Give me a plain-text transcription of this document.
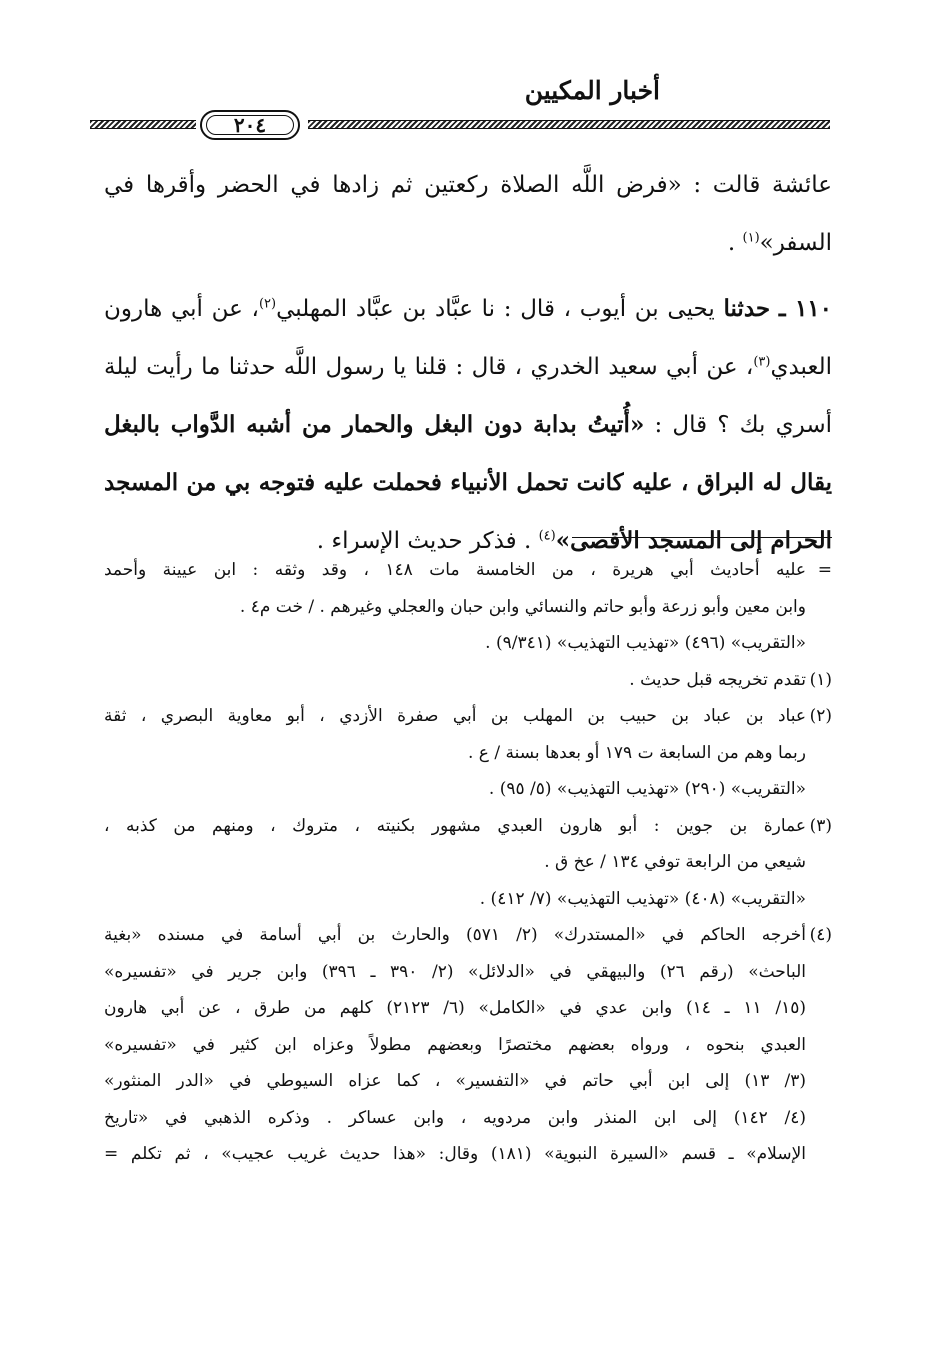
أخبار المكيين
٢٠٤

عائشة قالت : «فرض اللَّه الصلاة ركعتين ثم زادها في الحضر وأقرها في السفر»$^{(١)}$ .

١١٠ ـ حدثنا يحيى بن أيوب ، قال : نا عبَّاد بن عبَّاد المهلبي$^{(٢)}$، عن أبي هارون العبدي$^{(٣)}$، عن أبي سعيد الخدري ، قال : قلنا يا رسول اللَّه حدثنا ما رأيت ليلة أسري بك ؟ قال : «أُتيتُ بدابة دون البغل والحمار من أشبه الدَّواب بالبغل يقال له البراق ، عليه كانت تحمل الأنبياء فحملت عليه فتوجه بي من المسجد الحرام إلى المسجد الأقصى»$^{(٤)}$ . فذكر حديث الإسراء .

=
عليه أحاديث أبي هريرة ، من الخامسة مات ١٤٨ ، وقد وثقه : ابن عيينة وأحمد
وابن معين وأبو زرعة وأبو حاتم والنسائي وابن حبان والعجلي وغيرهم . / خت م٤ .
«التقريب» (٤٩٦) «تهذيب التهذيب» (٩/٣٤١) .
(١)
تقدم تخريجه قبل حديث .
(٢)
عباد بن عباد بن حبيب بن المهلب بن أبي صفرة الأزدي ، أبو معاوية البصري ، ثقة
ربما وهم من السابعة ت ١٧٩ أو بعدها بسنة / ع .
«التقريب» (٢٩٠) «تهذيب التهذيب» (٥/ ٩٥) .
(٣)
عمارة بن جوين : أبو هارون العبدي مشهور بكنيته ، متروك ، ومنهم من كذبه ،
شيعي من الرابعة توفي ١٣٤ / عخ ق .
«التقريب» (٤٠٨) «تهذيب التهذيب» (٧/ ٤١٢) .
(٤)
أخرجه الحاكم في «المستدرك» (٢/ ٥٧١) والحارث بن أبي أسامة في مسنده «بغية
الباحث» (رقم ٢٦) والبيهقي في «الدلائل» (٢/ ٣٩٠ ـ ٣٩٦) وابن جرير في «تفسيره»
(١٥/ ١١ ـ ١٤) وابن عدي في «الكامل» (٦/ ٢١٢٣) كلهم من طرق ، عن أبي هارون
العبدي بنحوه ، ورواه بعضهم مختصرًا وبعضهم مطولاً وعزاه ابن كثير في «تفسيره»
(٣/ ١٣) إلى ابن أبي حاتم في «التفسير» ، كما عزاه السيوطي في «الدر المنثور»
(٤/ ١٤٢) إلى ابن المنذر وابن مردويه ، وابن عساكر . وذكره الذهبي في «تاريخ
الإسلام» ـ قسم «السيرة النبوية» (١٨١) وقال: «هذا حديث غريب عجيب» ، ثم تكلم =
